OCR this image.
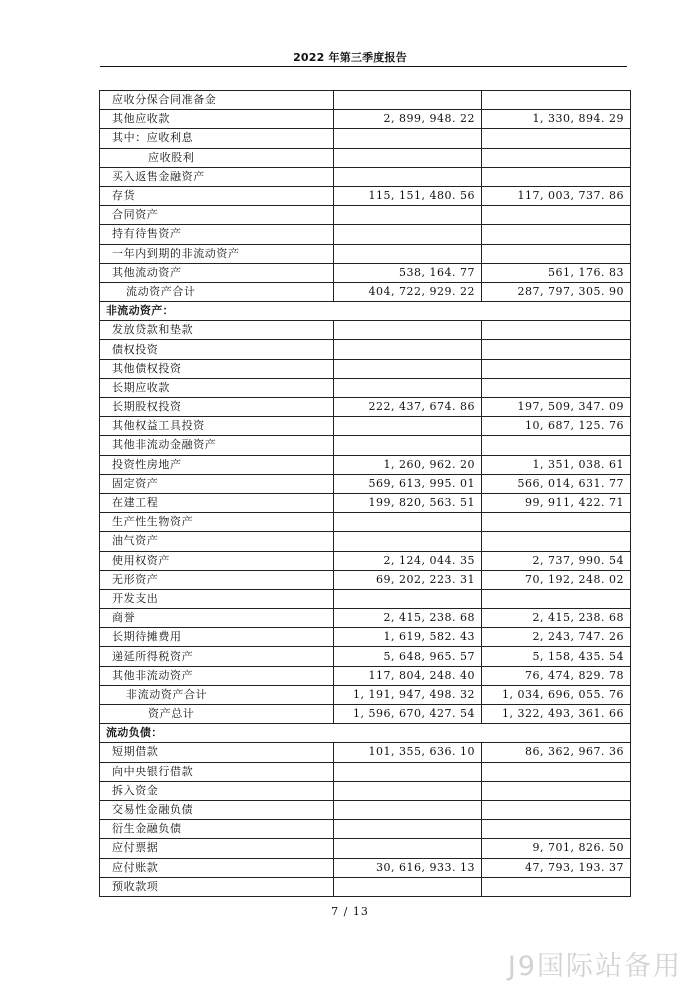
2022 年第三季度报告
应收分保合同准备金		
其他应收款	2, 899, 948. 22	1, 330, 894. 29
其中：应收利息		
应收股利		
买入返售金融资产		
存货	115, 151, 480. 56	117, 003, 737. 86
合同资产		
持有待售资产		
一年内到期的非流动资产		
其他流动资产	538, 164. 77	561, 176. 83
流动资产合计	404, 722, 929. 22	287, 797, 305. 90
非流动资产：		
发放贷款和垫款		
债权投资		
其他债权投资		
长期应收款		
长期股权投资	222, 437, 674. 86	197, 509, 347. 09
其他权益工具投资		10, 687, 125. 76
其他非流动金融资产		
投资性房地产	1, 260, 962. 20	1, 351, 038. 61
固定资产	569, 613, 995. 01	566, 014, 631. 77
在建工程	199, 820, 563. 51	99, 911, 422. 71
生产性生物资产		
油气资产		
使用权资产	2, 124, 044. 35	2, 737, 990. 54
无形资产	69, 202, 223. 31	70, 192, 248. 02
开发支出		
商誉	2, 415, 238. 68	2, 415, 238. 68
长期待摊费用	1, 619, 582. 43	2, 243, 747. 26
递延所得税资产	5, 648, 965. 57	5, 158, 435. 54
其他非流动资产	117, 804, 248. 40	76, 474, 829. 78
非流动资产合计	1, 191, 947, 498. 32	1, 034, 696, 055. 76
资产总计	1, 596, 670, 427. 54	1, 322, 493, 361. 66
流动负债：		
短期借款	101, 355, 636. 10	86, 362, 967. 36
向中央银行借款		
拆入资金		
交易性金融负债		
衍生金融负债		
应付票据		9, 701, 826. 50
应付账款	30, 616, 933. 13	47, 793, 193. 37
预收款项		
7 / 13
J9国际站备用
